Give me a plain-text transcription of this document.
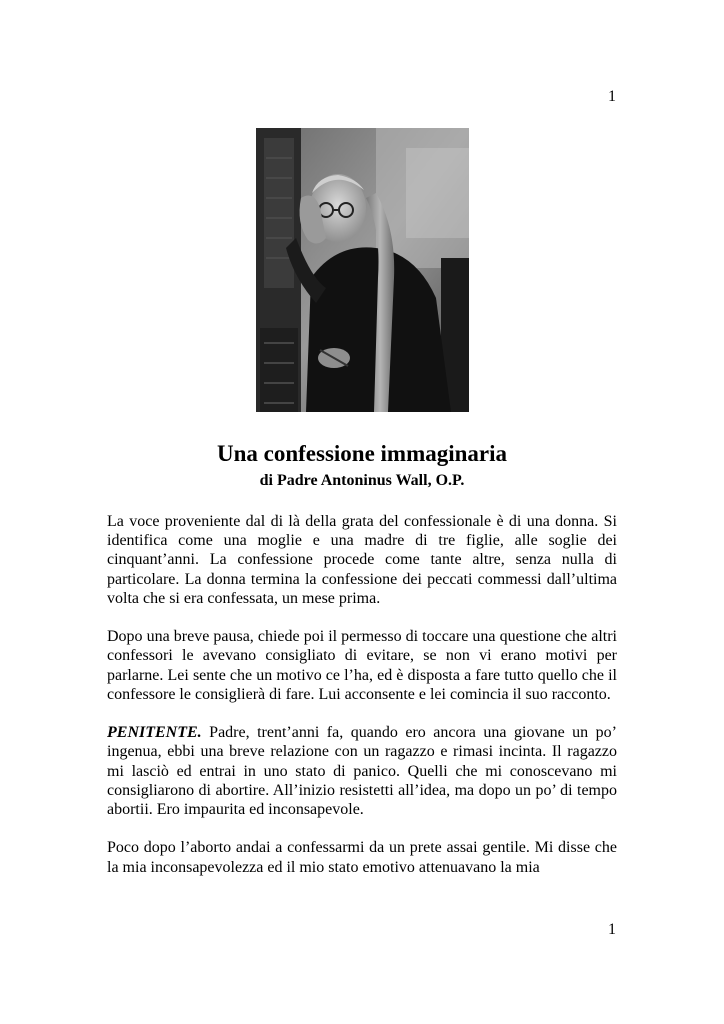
1
Una confessione immaginaria
di Padre Antoninus Wall, O.P.

La voce proveniente dal di là della grata del confessionale è di una donna. Si identifica come una moglie e una madre di tre figlie, alle soglie dei cinquant’anni. La confessione procede come tante altre, senza nulla di particolare. La donna termina la confessione dei peccati commessi dall’ultima volta che si era confessata, un mese prima.

Dopo una breve pausa, chiede poi il permesso di toccare una questione che altri confessori le avevano consigliato di evitare, se non vi erano motivi per parlarne. Lei sente che un motivo ce l’ha, ed è disposta a fare tutto quello che il confessore le consiglierà di fare. Lui acconsente e lei comincia il suo racconto.

PENITENTE. Padre, trent’anni fa, quando ero ancora una giovane un po’ ingenua, ebbi una breve relazione con un ragazzo e rimasi incinta. Il ragazzo mi lasciò ed entrai in uno stato di panico. Quelli che mi conoscevano mi consigliarono di abortire. All’inizio resistetti all’idea, ma dopo un po’ di tempo abortii. Ero impaurita ed inconsapevole.

Poco dopo l’aborto andai a confessarmi da un prete assai gentile. Mi disse che la mia inconsapevolezza ed il mio stato emotivo attenuavano la mia

1
